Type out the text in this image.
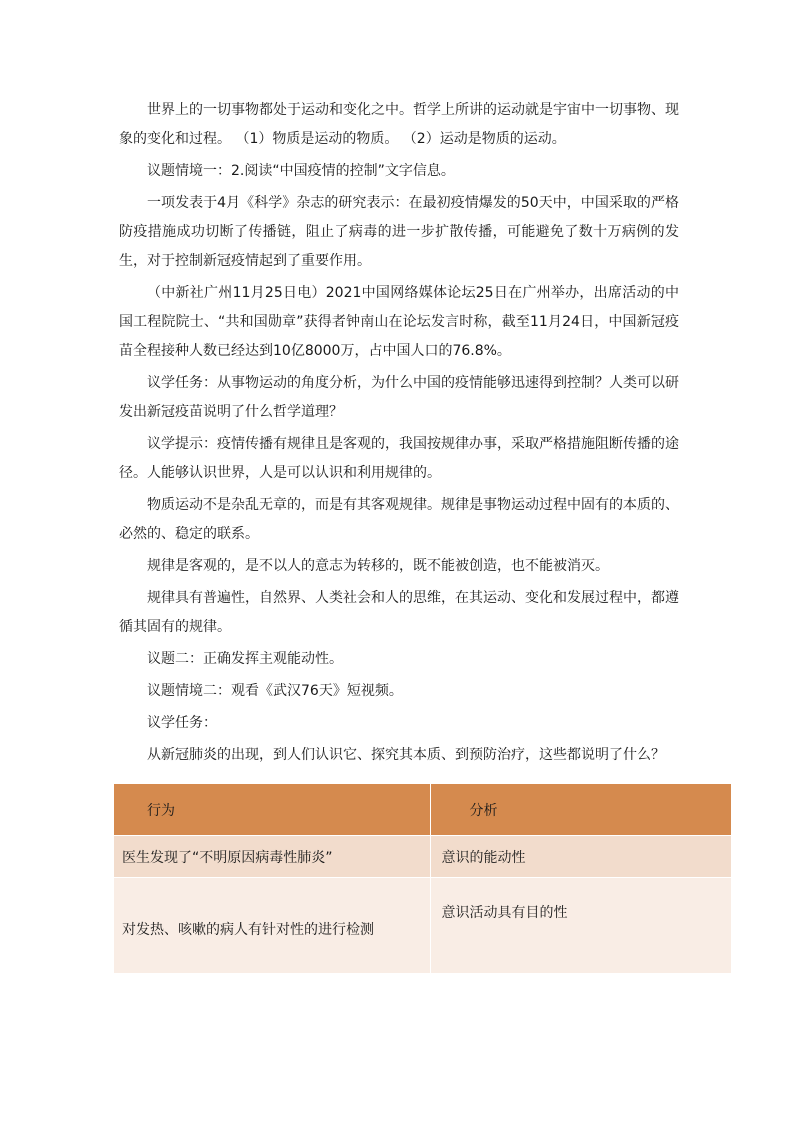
世界上的一切事物都处于运动和变化之中。哲学上所讲的运动就是宇宙中一切事物、现象的变化和过程。 （1）物质是运动的物质。 （2）运动是物质的运动。

议题情境一：2.阅读“中国疫情的控制”文字信息。

一项发表于4月《科学》杂志的研究表示：在最初疫情爆发的50天中，中国采取的严格防疫措施成功切断了传播链，阻止了病毒的进一步扩散传播，可能避免了数十万病例的发生，对于控制新冠疫情起到了重要作用。

（中新社广州11月25日电）2021中国网络媒体论坛25日在广州举办，出席活动的中国工程院院士、“共和国勋章”获得者钟南山在论坛发言时称，截至11月24日，中国新冠疫苗全程接种人数已经达到10亿8000万，占中国人口的76.8%。

议学任务：从事物运动的角度分析，为什么中国的疫情能够迅速得到控制？人类可以研发出新冠疫苗说明了什么哲学道理？

议学提示：疫情传播有规律且是客观的，我国按规律办事，采取严格措施阻断传播的途径。人能够认识世界，人是可以认识和利用规律的。

物质运动不是杂乱无章的，而是有其客观规律。规律是事物运动过程中固有的本质的、必然的、稳定的联系。

规律是客观的，是不以人的意志为转移的，既不能被创造，也不能被消灭。

规律具有普遍性，自然界、人类社会和人的思维，在其运动、变化和发展过程中，都遵循其固有的规律。

议题二：正确发挥主观能动性。

议题情境二：观看《武汉76天》短视频。

议学任务：

从新冠肺炎的出现，到人们认识它、探究其本质、到预防治疗，这些都说明了什么？

行为	分析
医生发现了“不明原因病毒性肺炎”	意识的能动性
对发热、咳嗽的病人有针对性的进行检测	意识活动具有目的性
